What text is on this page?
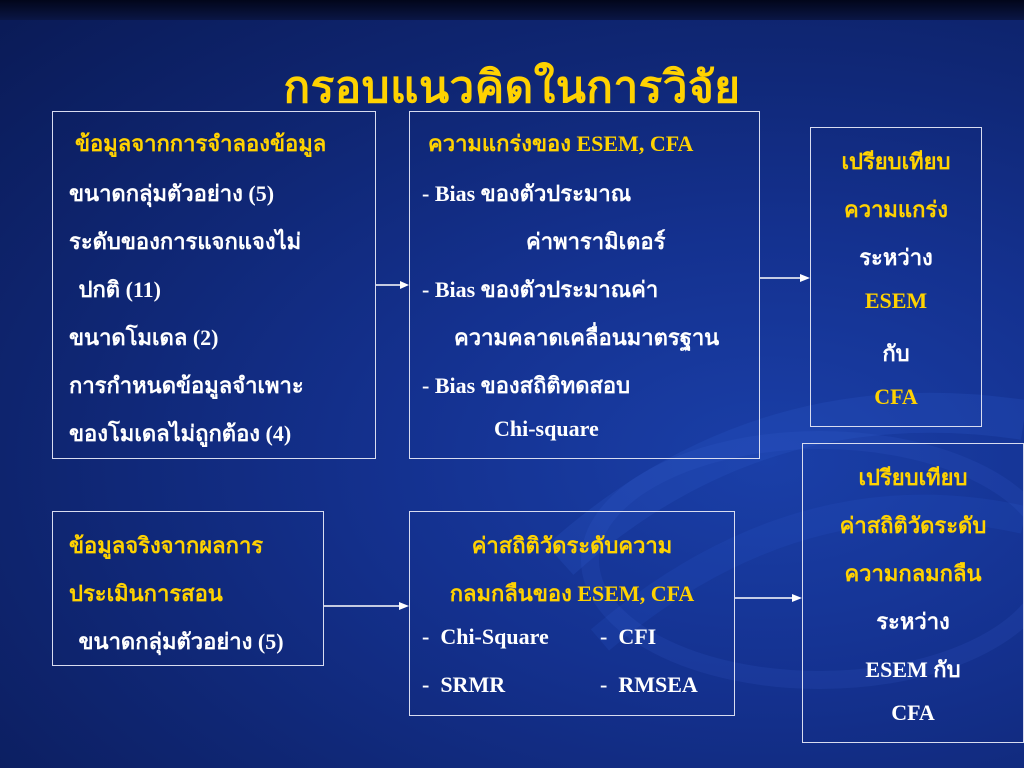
กรอบแนวคิดในการวิจัย
ข้อมูลจากการจำลองข้อมูล
ขนาดกลุ่มตัวอย่าง (5)
ระดับของการแจกแจงไม่
ปกติ (11)
ขนาดโมเดล (2)
การกำหนดข้อมูลจำเพาะ
ของโมเดลไม่ถูกต้อง (4)
ความแกร่งของ ESEM, CFA
- Bias ของตัวประมาณ
ค่าพารามิเตอร์
- Bias ของตัวประมาณค่า
ความคลาดเคลื่อนมาตรฐาน
- Bias ของสถิติทดสอบ
Chi-square
เปรียบเทียบ
ความแกร่ง
ระหว่าง
ESEM
กับ
CFA
ข้อมูลจริงจากผลการ
ประเมินการสอน
ขนาดกลุ่มตัวอย่าง (5)
ค่าสถิติวัดระดับความ
กลมกลืนของ ESEM, CFA
-  Chi-Square -  CFI
-  SRMR	-  RMSEA
เปรียบเทียบ
ค่าสถิติวัดระดับ
ความกลมกลืน
ระหว่าง
ESEM กับ
CFA
